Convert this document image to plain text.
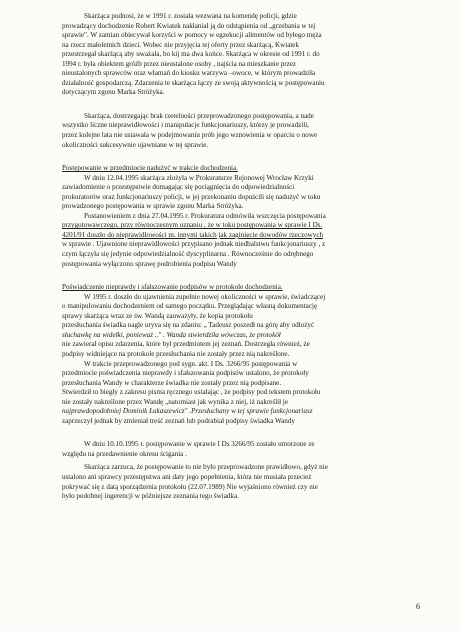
Skarżąca podnosi, że w 1991 r. została wezwana na komendę policji, gdzie
prowadzący dochodzenie Robert Kwiatek nakłaniał ją do odstąpienia od „grzebania w tej
sprawie". W zamian obiecywał korzyści w pomocy w egzekucji alimentów od byłego męża
na rzecz małoletnich dzieci. Wobec nie przyjęcia tej oferty przez skarżącą, Kwiatek
przestrzegał skarżącą aby uważała, bo kij ma dwa końce. Skarżąca w okresie od 1991 r. do
1994 r. była obiektem gróźb przez nieustalone osoby , najścia na mieszkanie przez
nieustalonych sprawców oraz włamań do kiosku warzywa –owoce, w którym prowadziła
działalność gospodarczą. Zdarzenia te skarżąca łączy ze swoją aktywnością w postępowaniu
dotyczącym zgonu Marka Stróżyka.

Skarżąca, dostrzegając brak rzetelności przeprowadzonego postępowania, a nade
wszystko liczne nieprawidłowości i manipulacje funkcjonariuszy, którzy je prowadzili,
przez kolejne lata nie ustawała w podejmowaniu prób jego wznowienia w oparciu o nowe
okoliczności sukcesywnie ujawniane w tej sprawie.

Postępowanie w przedmiocie nadużyć w trakcie dochodzenia.
W dniu 12.04.1995 skarżąca złożyła w Prokuraturze Rejonowej Wrocław Krzyki
zawiadomienie o przestępstwie domagając się pociągnięcia do odpowiedzialności
prokuratorów oraz funkcjonariuszy policji, w jej przekonaniu dopuścili się nadużyć w toku
prowadzonego postępowania w sprawie zgonu Marka Stróżyka.
Postanowieniem z dnia 27.04.1995 r. Prokuratura odmówiła wszczęcia postępowania
przygotowawczego, przy równoczesnym uznaniu , że w toku postępowania w sprawie I Ds.
4201/91 doszło do nieprawidłowości m. innymi takich jak zaginięcie dowodów rzeczowych
w sprawie . Ujawnione nieprawidłowości przypisano jednak niedbalstwu funkcjonariuszy , z
czym łączyła się jedynie odpowiedzialność dyscyplinarna . Równocześnie do odrębnego
postępowania wyłączono sprawę podrobienia podpisu Wandy

Poświadczenie nieprawdy i sfałszowanie podpisów w protokole dochodzenia.
W 1995 r. doszło do ujawnienia zupełnie nowej okoliczności w sprawie, świadczącej
o manipulowaniu dochodzeniem od samego początku. Przeglądając własną dokumentację
sprawy skarżąca wraz ze św. Wandą zauważyły, że kopia protokołu
przesłuchania świadka nagle uryva się na zdaniu: „ Tadeusz poszedł na górę aby odłożyć
słuchawkę na widełki, ponieważ .." . Wanda stwierdziła wówczas, że protokół
nie zawierał opisu zdarzenia, które był przedmiotem jej zeznań. Dostrzegła również, że
podpisy widniejące na protokole przesłuchania nie zostały przez nią nakreślone.
W trakcie przeprowadzonego pod sygn. akt. I Ds. 3266/95 postępowania w
przedmiocie poświadczenia nieprawdy i sfałszowania podpisów ustalono, że protokoły
przesłuchania Wandy w charakterze świadka nie zostały przez nią podpisane.
Stwierdził to biegły z zakresu pisma ręcznego ustalając , że podpisy pod tekstem protokołu
nie zostały nakreślone przez Wandę „natomiast jak wynika z niej, iż nakreślił je
najprawdopodobniej Dominik Łukaszewicz" .Przesłuchany w tej sprawie funkcjonariusz
zaprzeczył jednak by zmieniał treść zeznań lub podrabiał podpisy świadka Wandy

W dniu 10.10.1995 r. postępowanie w sprawie I Ds 3266/95 zostało umorzone ze
względu na przedawnienie okresu ścigania .

Skarżąca zarzuca, że postępowanie to nie było przeprowadzone prawidłowo, gdyż nie
ustalono ani sprawcy przestępstwa ani daty jego popełnienia, która nie musiała przecież
pokrywać się z datą sporządzenia protokołu (22.07.1989) Nie wyjaśniono również czy nie
było podobnej ingerencji w późniejsze zeznania tego świadka.

6
